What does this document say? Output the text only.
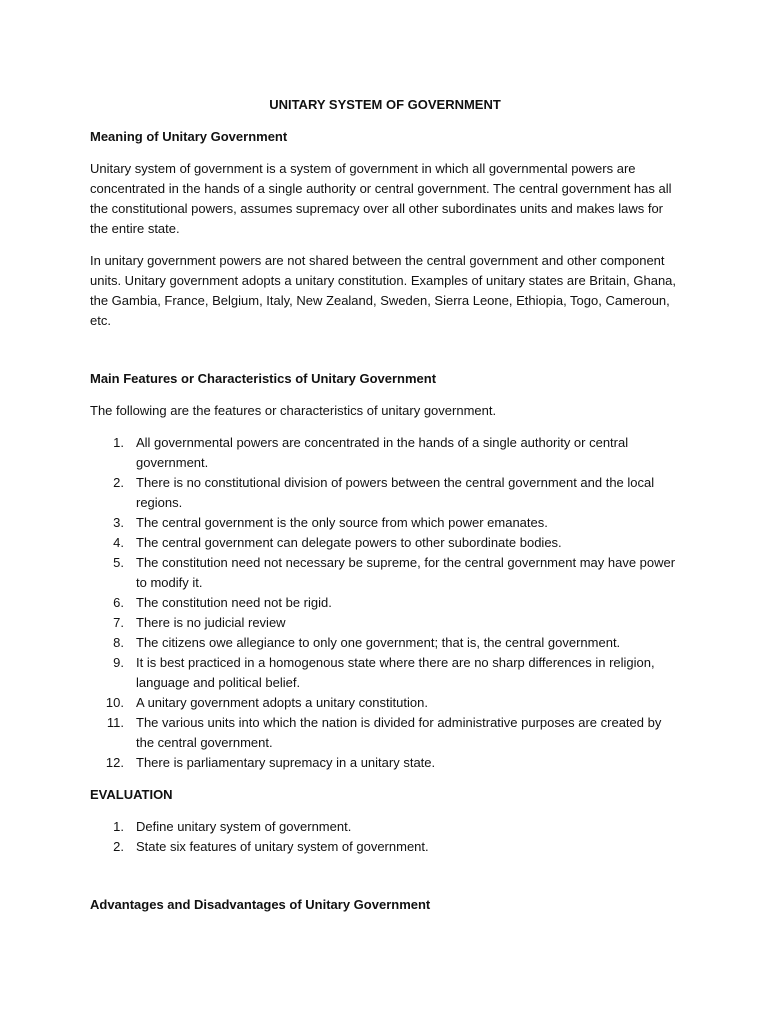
UNITARY SYSTEM OF GOVERNMENT
Meaning of Unitary Government

Unitary system of government is a system of government in which all governmental powers are concentrated in the hands of a single authority or central government. The central government has all the constitutional powers, assumes supremacy over all other subordinates units and makes laws for the entire state.

In unitary government powers are not shared between the central government and other component units. Unitary government adopts a unitary constitution. Examples of unitary states are Britain, Ghana, the Gambia, France, Belgium, Italy, New Zealand, Sweden, Sierra Leone, Ethiopia, Togo, Cameroun, etc.

Main Features or Characteristics of Unitary Government

The following are the features or characteristics of unitary government.

1. All governmental powers are concentrated in the hands of a single authority or central government.
2. There is no constitutional division of powers between the central government and the local regions.
3. The central government is the only source from which power emanates.
4. The central government can delegate powers to other subordinate bodies.
5. The constitution need not necessary be supreme, for the central government may have power to modify it.
6. The constitution need not be rigid.
7. There is no judicial review
8. The citizens owe allegiance to only one government; that is, the central government.
9. It is best practiced in a homogenous state where there are no sharp differences in religion, language and political belief.
10. A unitary government adopts a unitary constitution.
11. The various units into which the nation is divided for administrative purposes are created by the central government.
12. There is parliamentary supremacy in a unitary state.
EVALUATION
1. Define unitary system of government.
2. State six features of unitary system of government.
Advantages and Disadvantages of Unitary Government
